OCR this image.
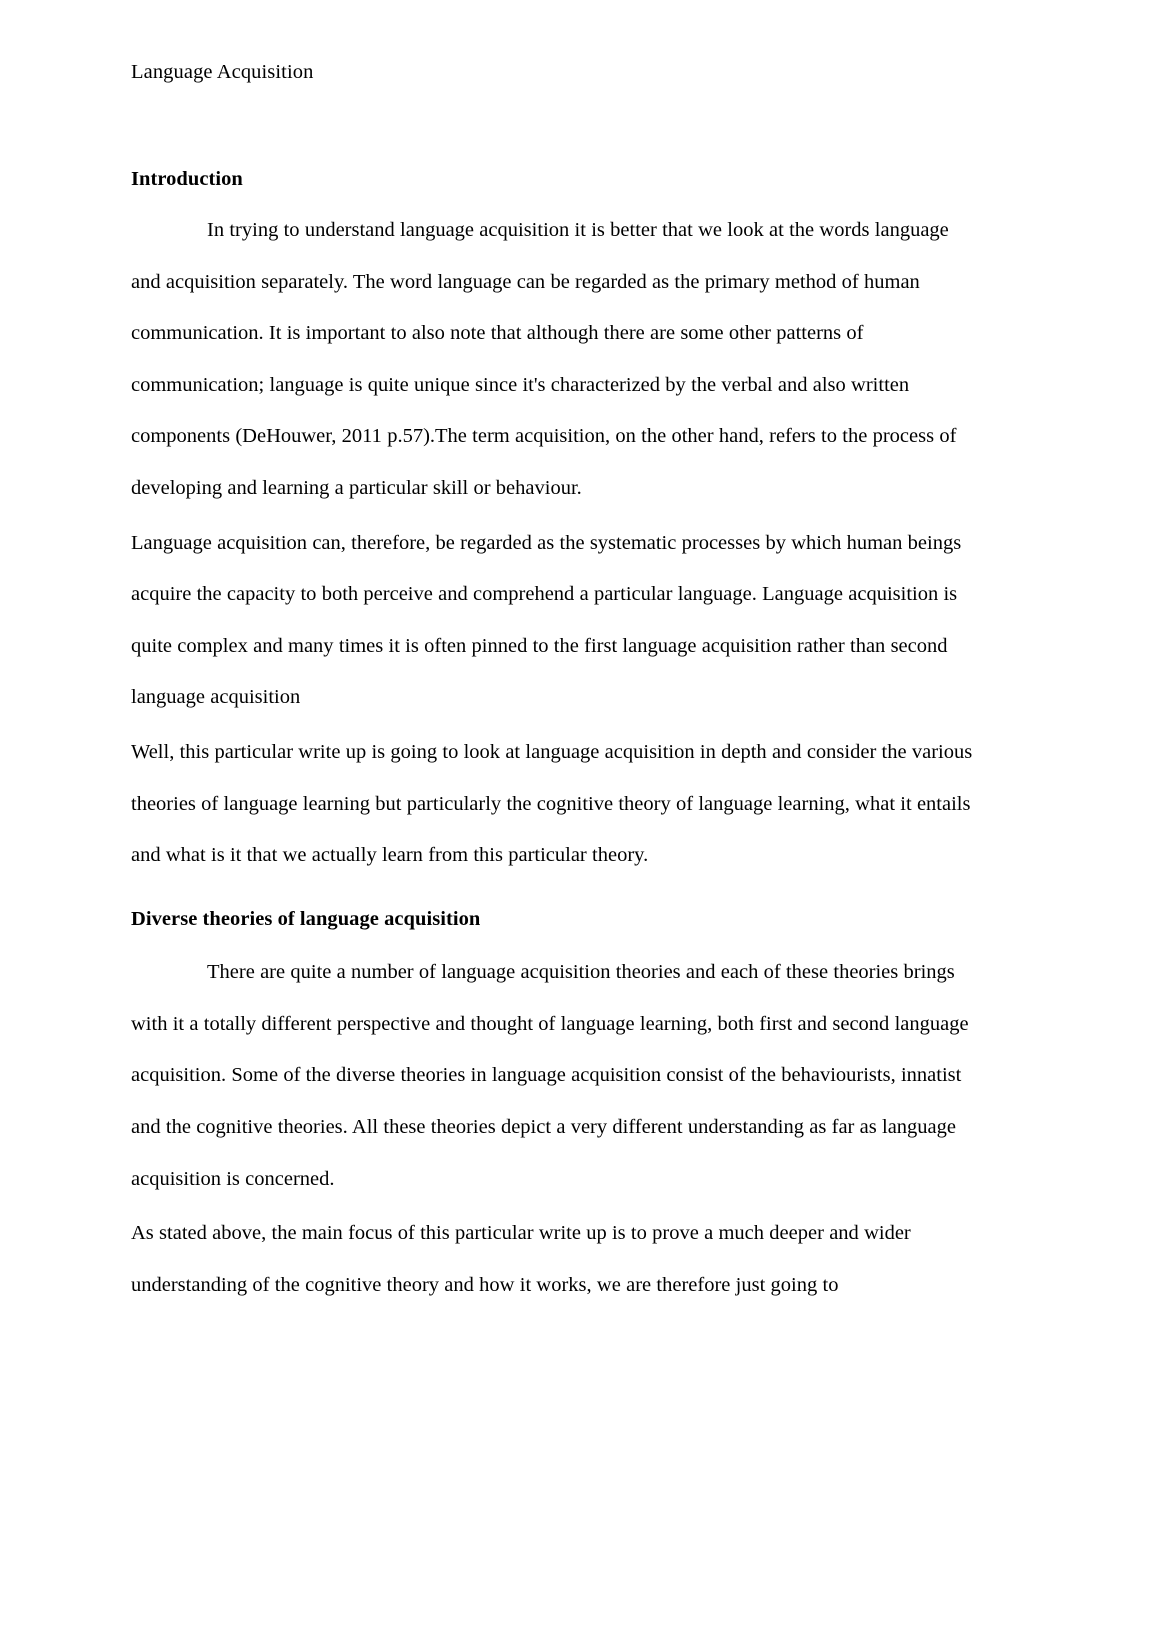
Language Acquisition

Introduction

In trying to understand language acquisition it is better that we look at the words language and acquisition separately. The word language can be regarded as the primary method of human communication. It is important to also note that although there are some other patterns of communication; language is quite unique since it's characterized by the verbal and also written components (DeHouwer, 2011 p.57).The term acquisition, on the other hand, refers to the process of developing and learning a particular skill or behaviour.

Language acquisition can, therefore, be regarded as the systematic processes by which human beings acquire the capacity to both perceive and comprehend a particular language. Language acquisition is quite complex and many times it is often pinned to the first language acquisition rather than second language acquisition

Well, this particular write up is going to look at language acquisition in depth and consider the various theories of language learning but particularly the cognitive theory of language learning, what it entails and what is it that we actually learn from this particular theory.

Diverse theories of language acquisition

There are quite a number of language acquisition theories and each of these theories brings with it a totally different perspective and thought of language learning, both first and second language acquisition. Some of the diverse theories in language acquisition consist of the behaviourists, innatist and the cognitive theories. All these theories depict a very different understanding as far as language acquisition is concerned.

As stated above, the main focus of this particular write up is to prove a much deeper and wider understanding of the cognitive theory and how it works, we are therefore just going to
